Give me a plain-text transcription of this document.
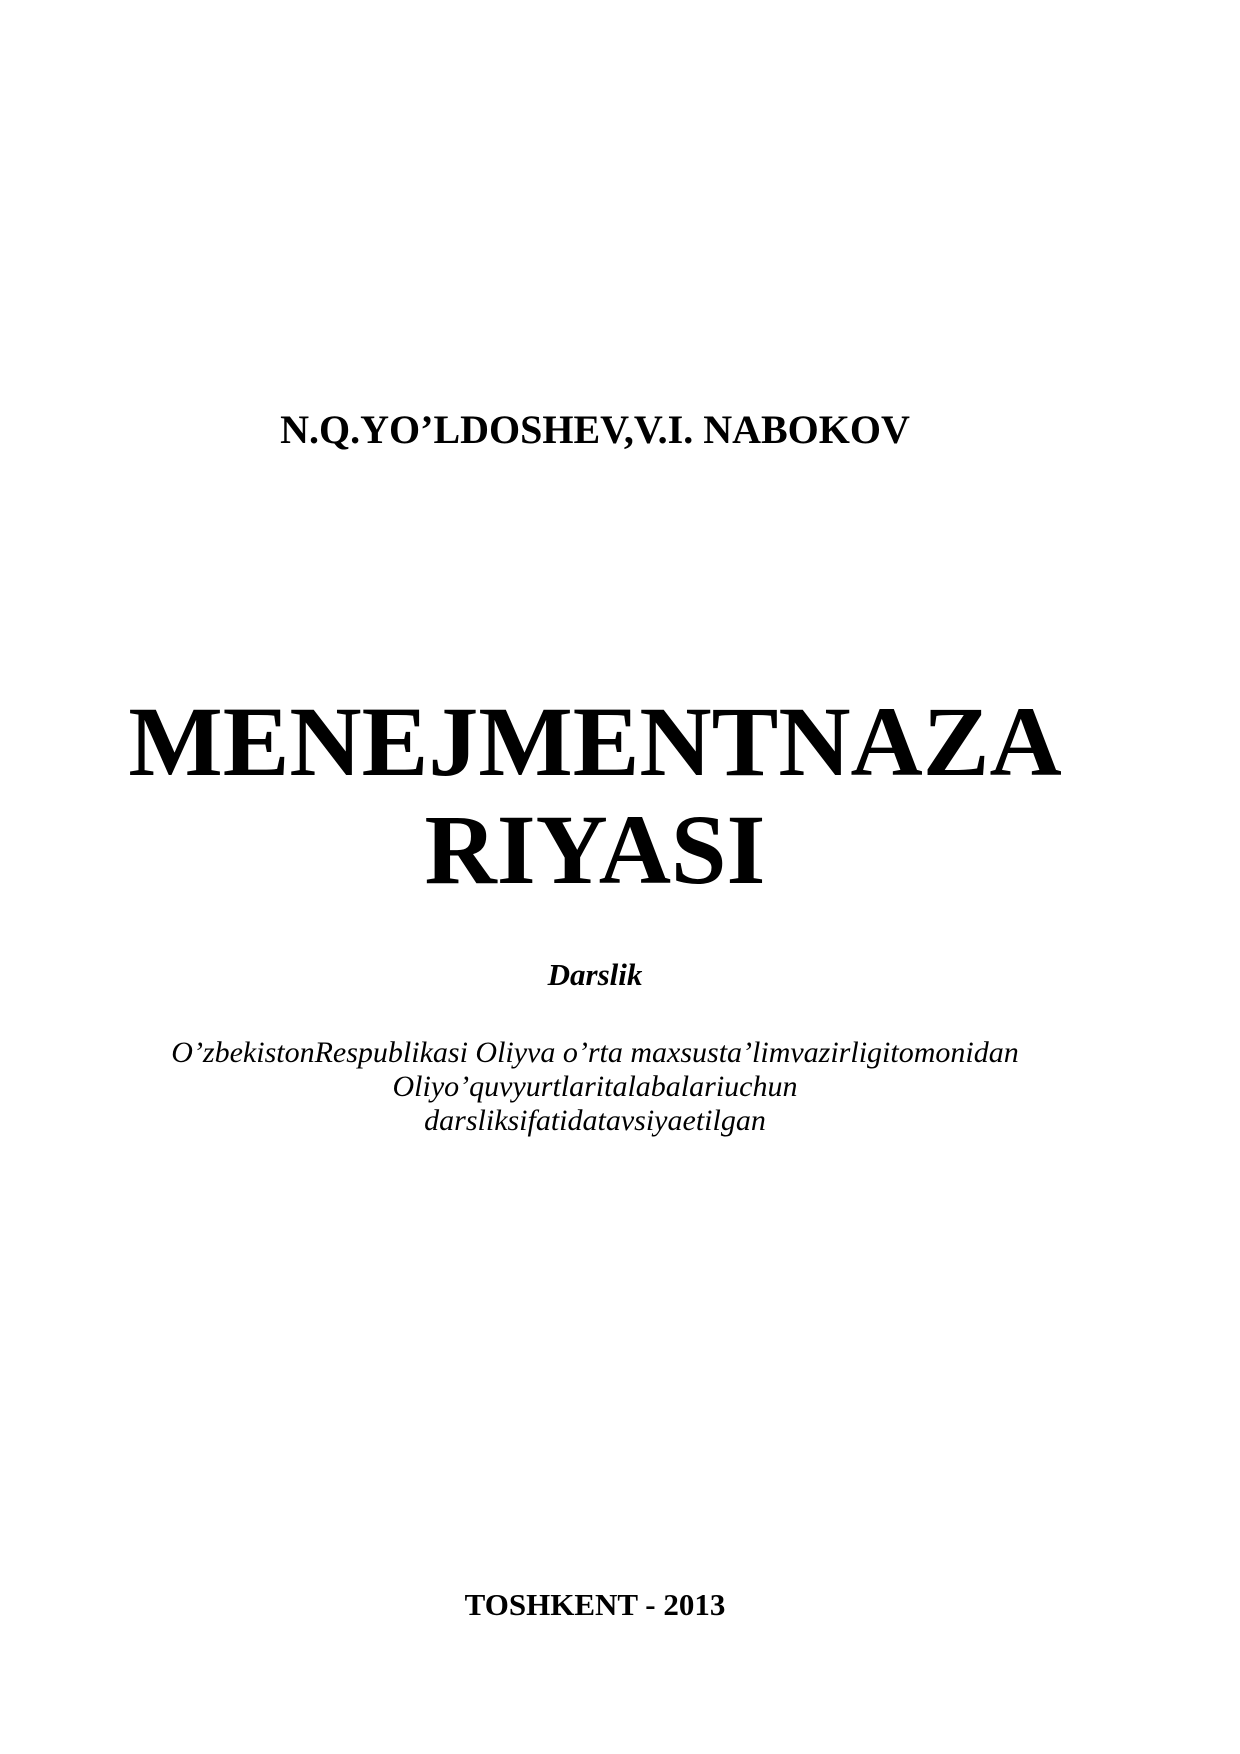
N.Q.YO’LDOSHEV,V.I. NABOKOV
MENEJMENTNAZA
RIYASI
Darslik
O’zbekistonRespublikasi Oliyva o’rta maxsusta’limvazirligitomonidan
Oliyo’quvyurtlaritalabalariuchun
darsliksifatidatavsiyaetilgan
TOSHKENT - 2013
